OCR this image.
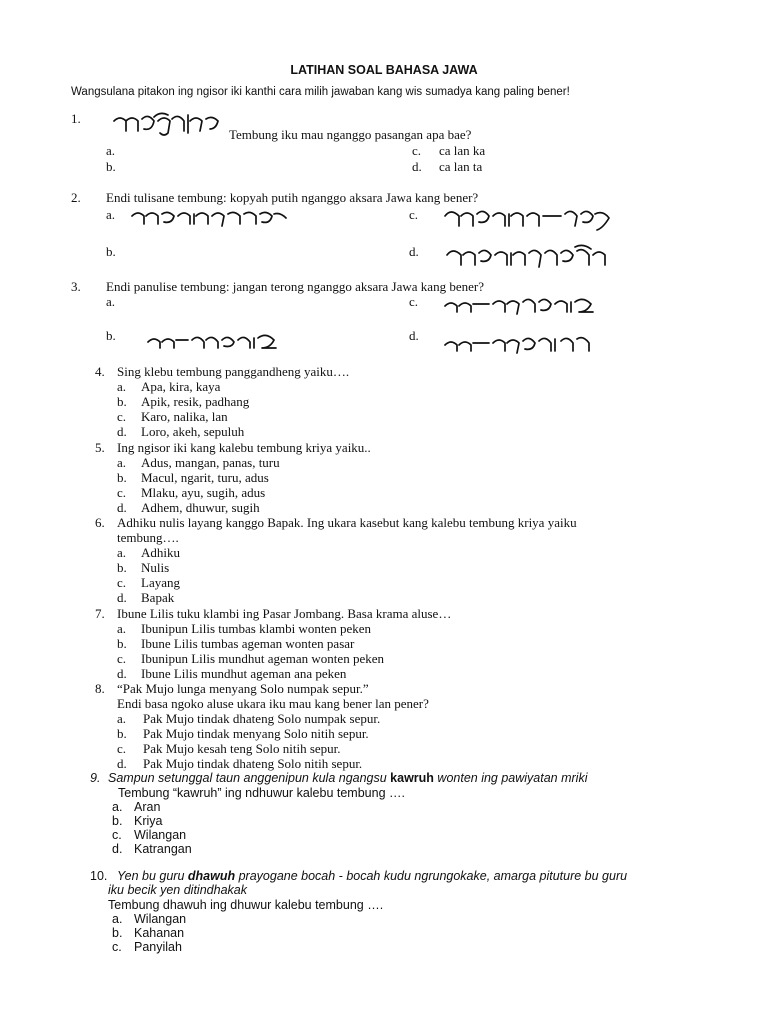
LATIHAN SOAL BAHASA JAWA
Wangsulana pitakon ing ngisor iki kanthi cara milih jawaban kang wis sumadya kang paling bener!
1.
Tembung iku mau nganggo pasangan apa bae?
a.
b.
c. ca lan ka
d. ca lan ta
2. Endi tulisane tembung: kopyah putih nganggo aksara Jawa kang bener?
a.	c.
b.	d.
3. Endi panulise tembung: jangan terong nganggo aksara Jawa kang bener?
a.	c.
b.	d.
4. Sing klebu tembung panggandheng yaiku….
a. Apa, kira, kaya
b. Apik, resik, padhang
c. Karo, nalika, lan
d. Loro, akeh, sepuluh
5. Ing ngisor iki kang kalebu tembung kriya yaiku..
a. Adus, mangan, panas, turu
b. Macul, ngarit, turu, adus
c. Mlaku, ayu, sugih, adus
d. Adhem, dhuwur, sugih
6. Adhiku nulis layang kanggo Bapak. Ing ukara kasebut kang kalebu tembung kriya yaiku
tembung….
a. Adhiku
b. Nulis
c. Layang
d. Bapak
7. Ibune Lilis tuku klambi ing Pasar Jombang. Basa krama aluse…
a. Ibunipun Lilis tumbas klambi wonten peken
b. Ibune Lilis tumbas ageman wonten pasar
c. Ibunipun Lilis mundhut ageman wonten peken
d. Ibune Lilis mundhut ageman ana peken
8. “Pak Mujo lunga menyang Solo numpak sepur.”
Endi basa ngoko aluse ukara iku mau kang bener lan pener?
a. Pak Mujo tindak dhateng Solo numpak sepur.
b. Pak Mujo tindak menyang Solo nitih sepur.
c. Pak Mujo kesah teng Solo nitih sepur.
d. Pak Mujo tindak dhateng Solo nitih sepur.
9. Sampun setunggal taun anggenipun kula ngangsu kawruh wonten ing pawiyatan mriki
Tembung “kawruh” ing ndhuwur kalebu tembung ….
a. Aran
b. Kriya
c. Wilangan
d. Katrangan
10. Yen bu guru dhawuh prayogane bocah - bocah kudu ngrungokake, amarga pituture bu guru
iku becik yen ditindhakak
Tembung dhawuh ing dhuwur kalebu tembung ….
a. Wilangan
b. Kahanan
c. Panyilah
